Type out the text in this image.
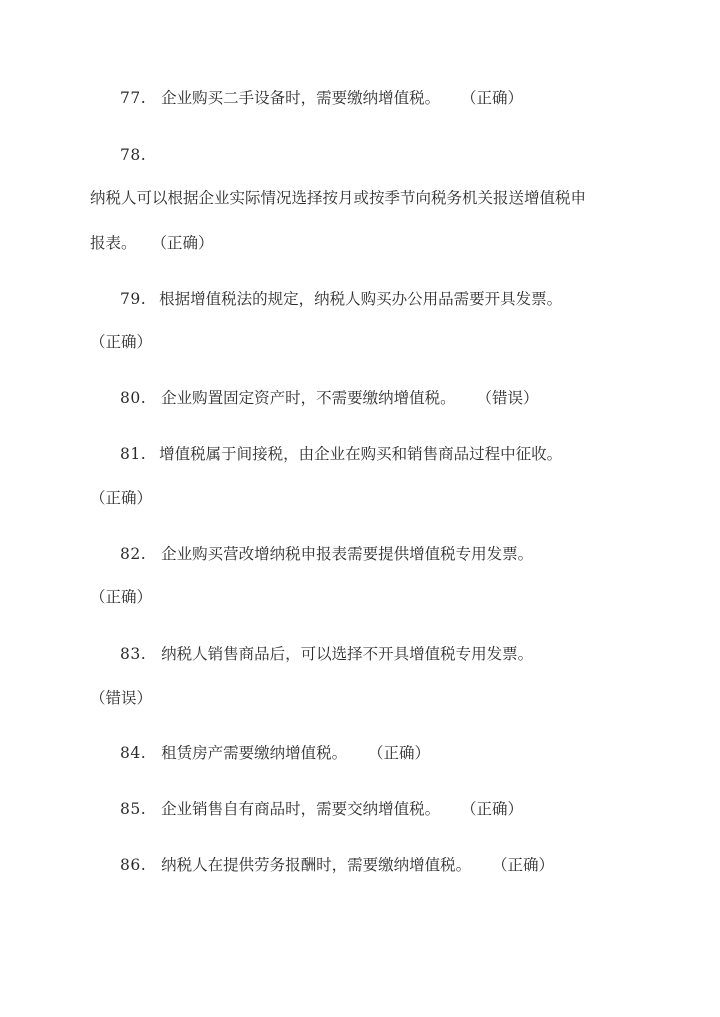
77. 企业购买二手设备时，需要缴纳增值税。 （正确）
78.
纳税人可以根据企业实际情况选择按月或按季节向税务机关报送增值税申
报表。 （正确）
79. 根据增值税法的规定，纳税人购买办公用品需要开具发票。
（正确）
80. 企业购置固定资产时，不需要缴纳增值税。 （错误）
81. 增值税属于间接税，由企业在购买和销售商品过程中征收。
（正确）
82. 企业购买营改增纳税申报表需要提供增值税专用发票。
（正确）
83. 纳税人销售商品后，可以选择不开具增值税专用发票。
（错误）
84. 租赁房产需要缴纳增值税。 （正确）
85. 企业销售自有商品时，需要交纳增值税。 （正确）
86. 纳税人在提供劳务报酬时，需要缴纳增值税。 （正确）
